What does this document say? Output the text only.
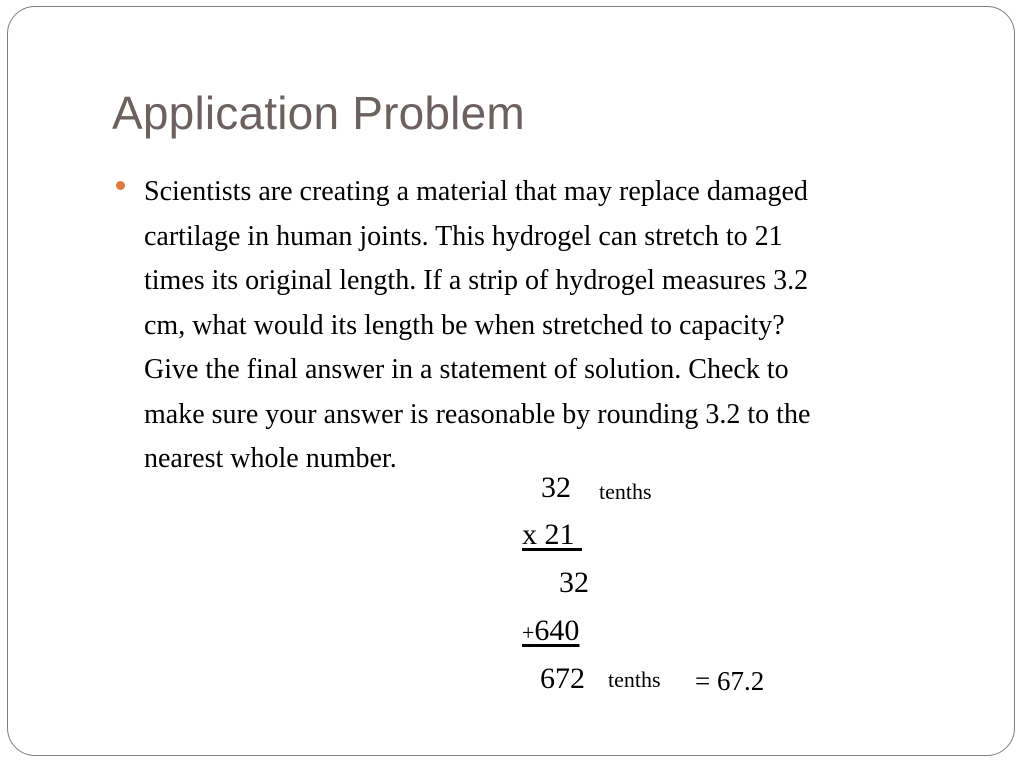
Application Problem
Scientists are creating a material that may replace damaged
cartilage in human joints. This hydrogel can stretch to 21
times its original length. If a strip of hydrogel measures 3.2
cm, what would its length be when stretched to capacity?
Give the final answer in a statement of solution. Check to
make sure your answer is reasonable by rounding 3.2 to the
nearest whole number.
32 tenths
x 21
32
+640
672 tenths = 67.2
